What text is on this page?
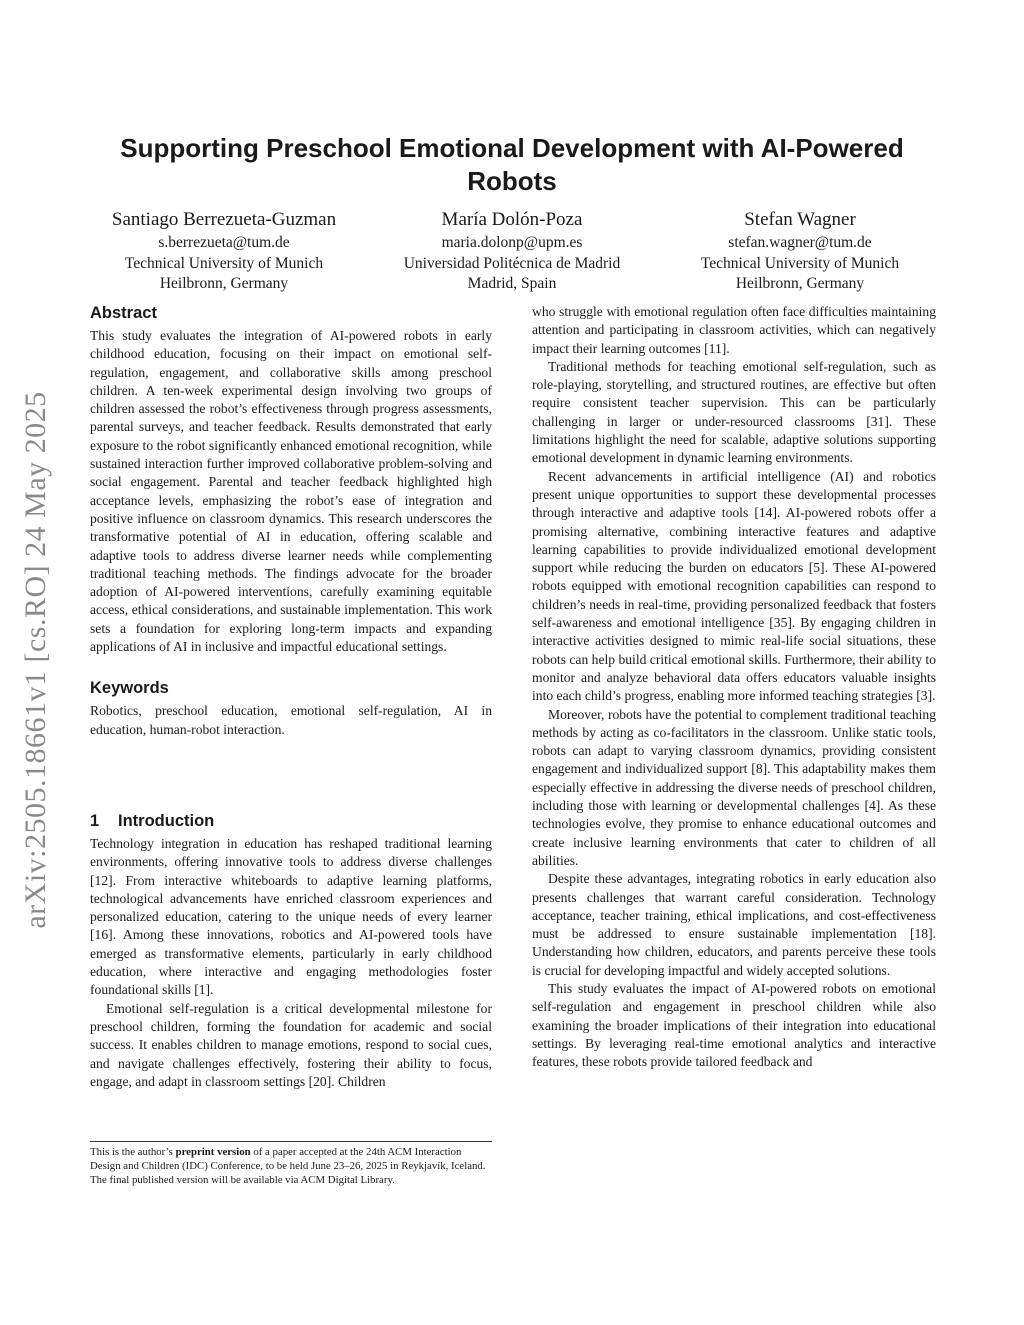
arXiv:2505.18661v1 [cs.RO] 24 May 2025
Supporting Preschool Emotional Development with AI-Powered Robots
Santiago Berrezueta-Guzman
s.berrezueta@tum.de
Technical University of Munich
Heilbronn, Germany
María Dolón-Poza
maria.dolonp@upm.es
Universidad Politécnica de Madrid
Madrid, Spain
Stefan Wagner
stefan.wagner@tum.de
Technical University of Munich
Heilbronn, Germany
Abstract

This study evaluates the integration of AI-powered robots in early childhood education, focusing on their impact on emotional self-regulation, engagement, and collaborative skills among preschool children. A ten-week experimental design involving two groups of children assessed the robot’s effectiveness through progress assessments, parental surveys, and teacher feedback. Results demonstrated that early exposure to the robot significantly enhanced emotional recognition, while sustained interaction further improved collaborative problem-solving and social engagement. Parental and teacher feedback highlighted high acceptance levels, emphasizing the robot’s ease of integration and positive influence on classroom dynamics. This research underscores the transformative potential of AI in education, offering scalable and adaptive tools to address diverse learner needs while complementing traditional teaching methods. The findings advocate for the broader adoption of AI-powered interventions, carefully examining equitable access, ethical considerations, and sustainable implementation. This work sets a foundation for exploring long-term impacts and expanding applications of AI in inclusive and impactful educational settings.

Keywords

Robotics, preschool education, emotional self-regulation, AI in education, human-robot interaction.

1 Introduction

Technology integration in education has reshaped traditional learning environments, offering innovative tools to address diverse challenges [12]. From interactive whiteboards to adaptive learning platforms, technological advancements have enriched classroom experiences and personalized education, catering to the unique needs of every learner [16]. Among these innovations, robotics and AI-powered tools have emerged as transformative elements, particularly in early childhood education, where interactive and engaging methodologies foster foundational skills [1].

Emotional self-regulation is a critical developmental milestone for preschool children, forming the foundation for academic and social success. It enables children to manage emotions, respond to social cues, and navigate challenges effectively, fostering their ability to focus, engage, and adapt in classroom settings [20]. Children

This is the author’s preprint version of a paper accepted at the 24th ACM Interaction Design and Children (IDC) Conference, to be held June 23–26, 2025 in Reykjavík, Iceland. The final published version will be available via ACM Digital Library.

who struggle with emotional regulation often face difficulties maintaining attention and participating in classroom activities, which can negatively impact their learning outcomes [11].

Traditional methods for teaching emotional self-regulation, such as role-playing, storytelling, and structured routines, are effective but often require consistent teacher supervision. This can be particularly challenging in larger or under-resourced classrooms [31]. These limitations highlight the need for scalable, adaptive solutions supporting emotional development in dynamic learning environments.

Recent advancements in artificial intelligence (AI) and robotics present unique opportunities to support these developmental processes through interactive and adaptive tools [14]. AI-powered robots offer a promising alternative, combining interactive features and adaptive learning capabilities to provide individualized emotional development support while reducing the burden on educators [5]. These AI-powered robots equipped with emotional recognition capabilities can respond to children’s needs in real-time, providing personalized feedback that fosters self-awareness and emotional intelligence [35]. By engaging children in interactive activities designed to mimic real-life social situations, these robots can help build critical emotional skills. Furthermore, their ability to monitor and analyze behavioral data offers educators valuable insights into each child’s progress, enabling more informed teaching strategies [3].

Moreover, robots have the potential to complement traditional teaching methods by acting as co-facilitators in the classroom. Unlike static tools, robots can adapt to varying classroom dynamics, providing consistent engagement and individualized support [8]. This adaptability makes them especially effective in addressing the diverse needs of preschool children, including those with learning or developmental challenges [4]. As these technologies evolve, they promise to enhance educational outcomes and create inclusive learning environments that cater to children of all abilities.

Despite these advantages, integrating robotics in early education also presents challenges that warrant careful consideration. Technology acceptance, teacher training, ethical implications, and cost-effectiveness must be addressed to ensure sustainable implementation [18]. Understanding how children, educators, and parents perceive these tools is crucial for developing impactful and widely accepted solutions.

This study evaluates the impact of AI-powered robots on emotional self-regulation and engagement in preschool children while also examining the broader implications of their integration into educational settings. By leveraging real-time emotional analytics and interactive features, these robots provide tailored feedback and
